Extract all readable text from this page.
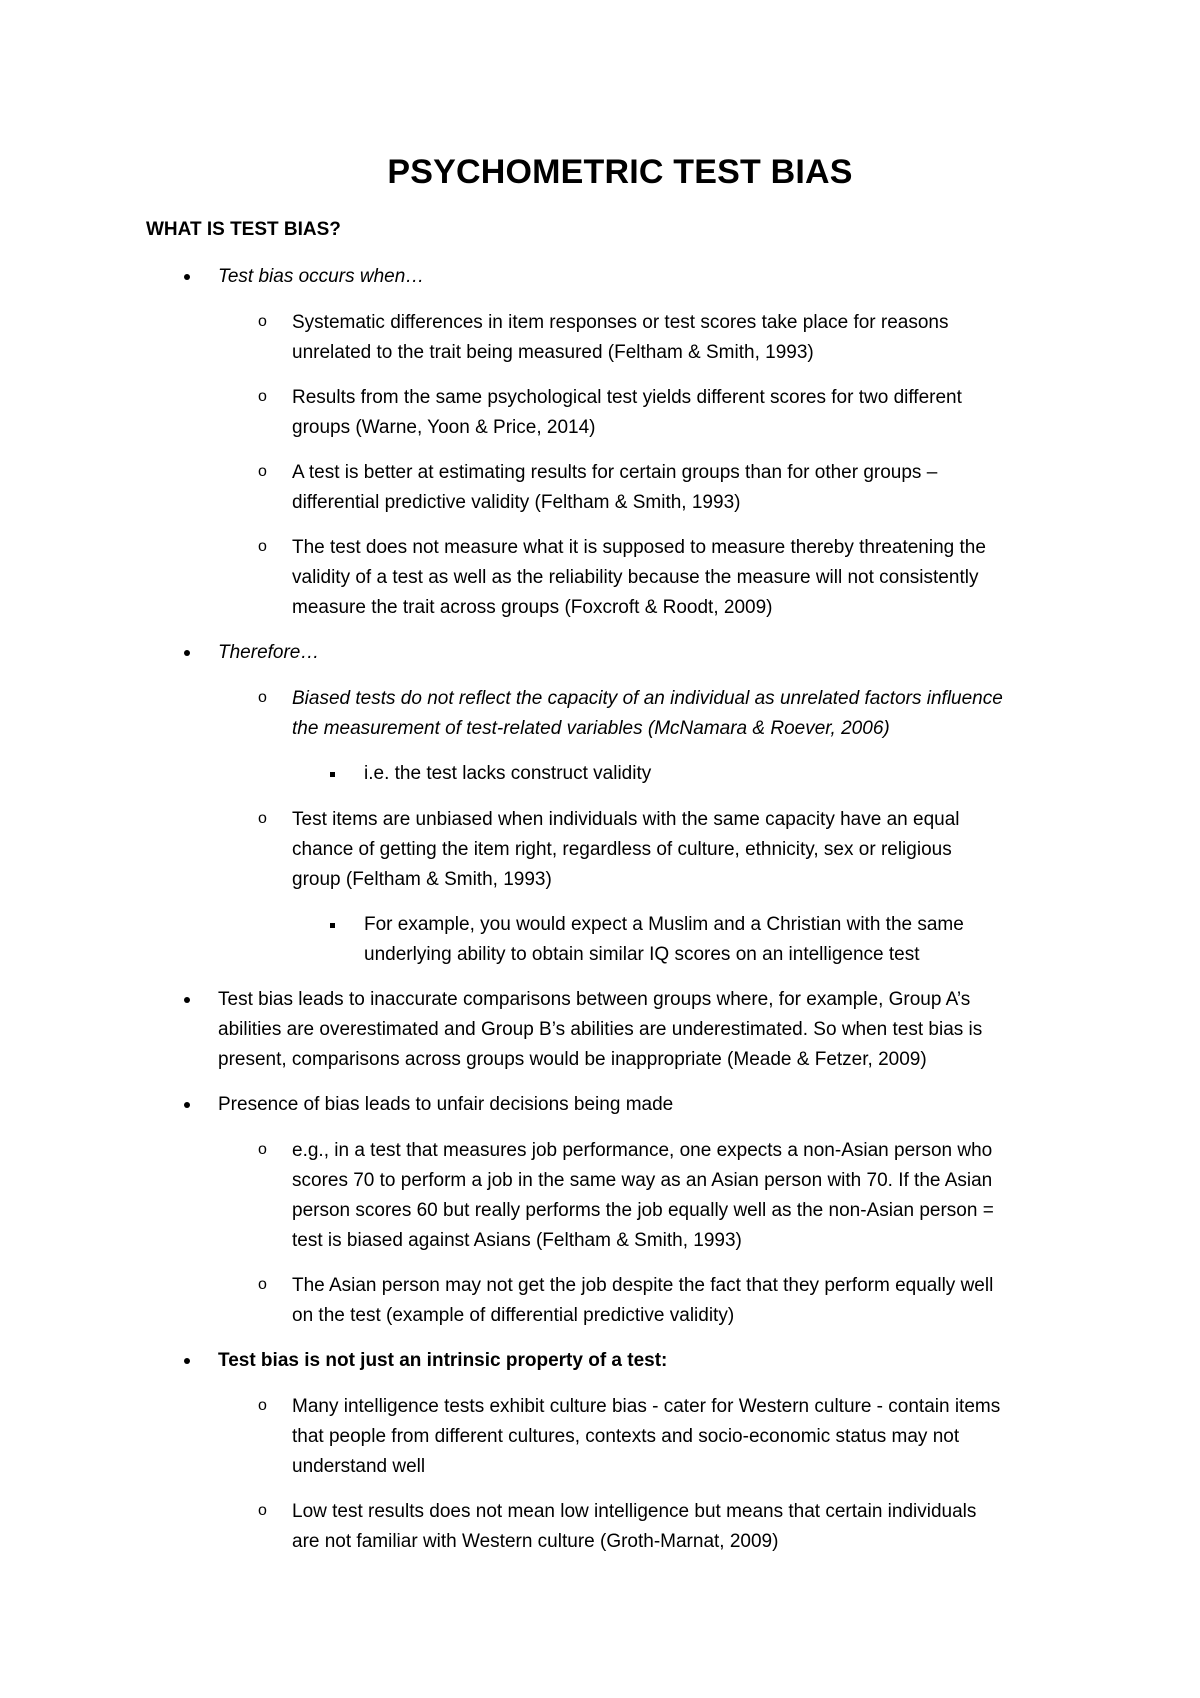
PSYCHOMETRIC TEST BIAS
WHAT IS TEST BIAS?
Test bias occurs when…
o Systematic differences in item responses or test scores take place for reasons
unrelated to the trait being measured (Feltham & Smith, 1993)
o Results from the same psychological test yields different scores for two different
groups (Warne, Yoon & Price, 2014)
o A test is better at estimating results for certain groups than for other groups –
differential predictive validity (Feltham & Smith, 1993)
o The test does not measure what it is supposed to measure thereby threatening the
validity of a test as well as the reliability because the measure will not consistently
measure the trait across groups (Foxcroft & Roodt, 2009)
Therefore…
o Biased tests do not reflect the capacity of an individual as unrelated factors influence
the measurement of test-related variables (McNamara & Roever, 2006)
i.e. the test lacks construct validity
o Test items are unbiased when individuals with the same capacity have an equal
chance of getting the item right, regardless of culture, ethnicity, sex or religious
group (Feltham & Smith, 1993)
For example, you would expect a Muslim and a Christian with the same
underlying ability to obtain similar IQ scores on an intelligence test
Test bias leads to inaccurate comparisons between groups where, for example, Group A’s
abilities are overestimated and Group B’s abilities are underestimated. So when test bias is
present, comparisons across groups would be inappropriate (Meade & Fetzer, 2009)
Presence of bias leads to unfair decisions being made
o e.g., in a test that measures job performance, one expects a non-Asian person who
scores 70 to perform a job in the same way as an Asian person with 70. If the Asian
person scores 60 but really performs the job equally well as the non-Asian person =
test is biased against Asians (Feltham & Smith, 1993)
o The Asian person may not get the job despite the fact that they perform equally well
on the test (example of differential predictive validity)
Test bias is not just an intrinsic property of a test:
o Many intelligence tests exhibit culture bias - cater for Western culture - contain items
that people from different cultures, contexts and socio-economic status may not
understand well
o Low test results does not mean low intelligence but means that certain individuals
are not familiar with Western culture (Groth-Marnat, 2009)
